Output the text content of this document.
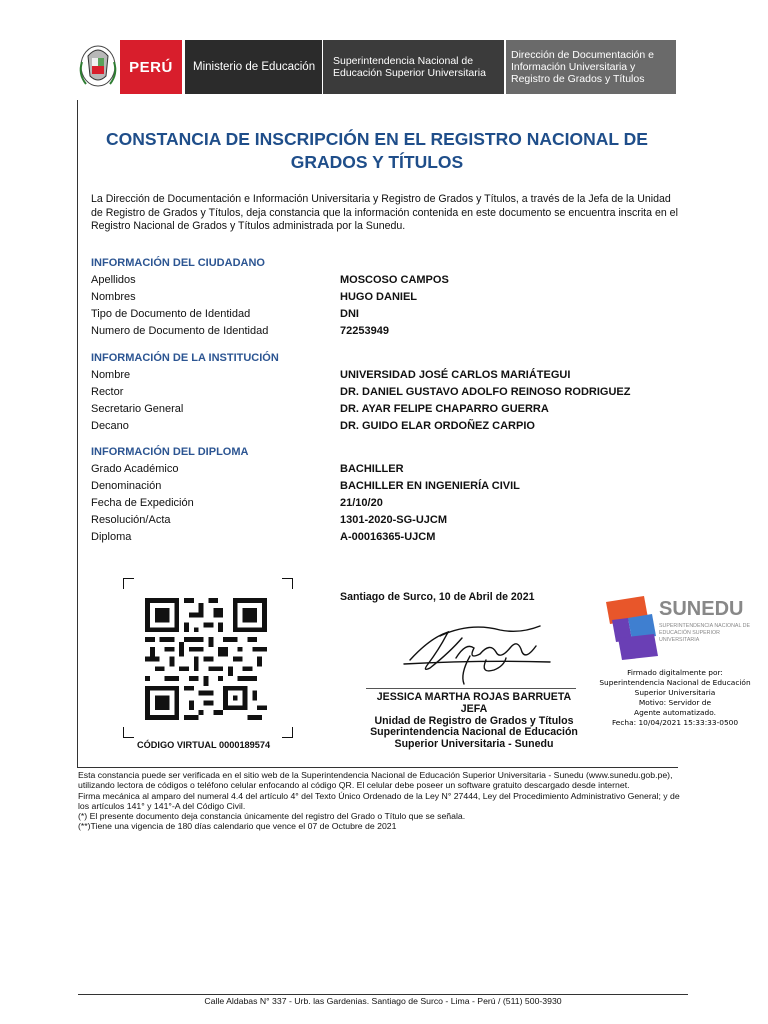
PERÚ	Ministerio de Educación	Superintendencia Nacional de Educación Superior Universitaria
Dirección de Documentación e Información Universitaria y Registro de Grados y Títulos
CONSTANCIA DE INSCRIPCIÓN EN EL REGISTRO NACIONAL DE GRADOS Y TÍTULOS
La Dirección de Documentación e Información Universitaria y Registro de Grados y Títulos, a través de la Jefa de la Unidad de Registro de Grados y Títulos, deja constancia que la información contenida en este documento se encuentra inscrita en el Registro Nacional de Grados y Títulos administrada por la Sunedu.
INFORMACIÓN DEL CIUDADANO
Apellidos	MOSCOSO CAMPOS
Nombres	HUGO DANIEL
Tipo de Documento de Identidad	DNI
Numero de Documento de Identidad	72253949
INFORMACIÓN DE LA INSTITUCIÓN
Nombre	UNIVERSIDAD JOSÉ CARLOS MARIÁTEGUI
Rector	DR. DANIEL GUSTAVO ADOLFO REINOSO RODRIGUEZ
Secretario General	DR. AYAR FELIPE CHAPARRO GUERRA
Decano	DR. GUIDO ELAR ORDOÑEZ CARPIO
INFORMACIÓN DEL DIPLOMA
Grado Académico	BACHILLER
Denominación	BACHILLER EN INGENIERÍA CIVIL
Fecha de Expedición	21/10/20
Resolución/Acta	1301-2020-SG-UJCM
Diploma	A-00016365-UJCM
CÓDIGO VIRTUAL 0000189574
Santiago de Surco, 10 de Abril de 2021
JESSICA MARTHA ROJAS BARRUETA
JEFA
Unidad de Registro de Grados y Títulos
Superintendencia Nacional de Educación
Superior Universitaria - Sunedu
SUNEDU
SUPERINTENDENCIA NACIONAL DE EDUCACIÓN SUPERIOR UNIVERSITARIA
Firmado digitalmente por:
Superintendencia Nacional de Educación
Superior Universitaria
Motivo: Servidor de
Agente automatizado.
Fecha: 10/04/2021 15:33:33-0500

Esta constancia puede ser verificada en el sitio web de la Superintendencia Nacional de Educación Superior Universitaria - Sunedu (www.sunedu.gob.pe), utilizando lectora de códigos o teléfono celular enfocando al código QR. El celular debe poseer un software gratuito descargado desde internet.

Firma mecánica al amparo del numeral 4.4 del artículo 4° del Texto Único Ordenado de la Ley N° 27444, Ley del Procedimiento Administrativo General; y de los artículos 141° y 141°-A del Código Civil.

(*) El presente documento deja constancia únicamente del registro del Grado o Título que se señala.

(**)Tiene una vigencia de 180 días calendario que vence el 07 de Octubre de 2021

Calle Aldabas N° 337 - Urb. las Gardenias. Santiago de Surco - Lima - Perú / (511) 500-3930
